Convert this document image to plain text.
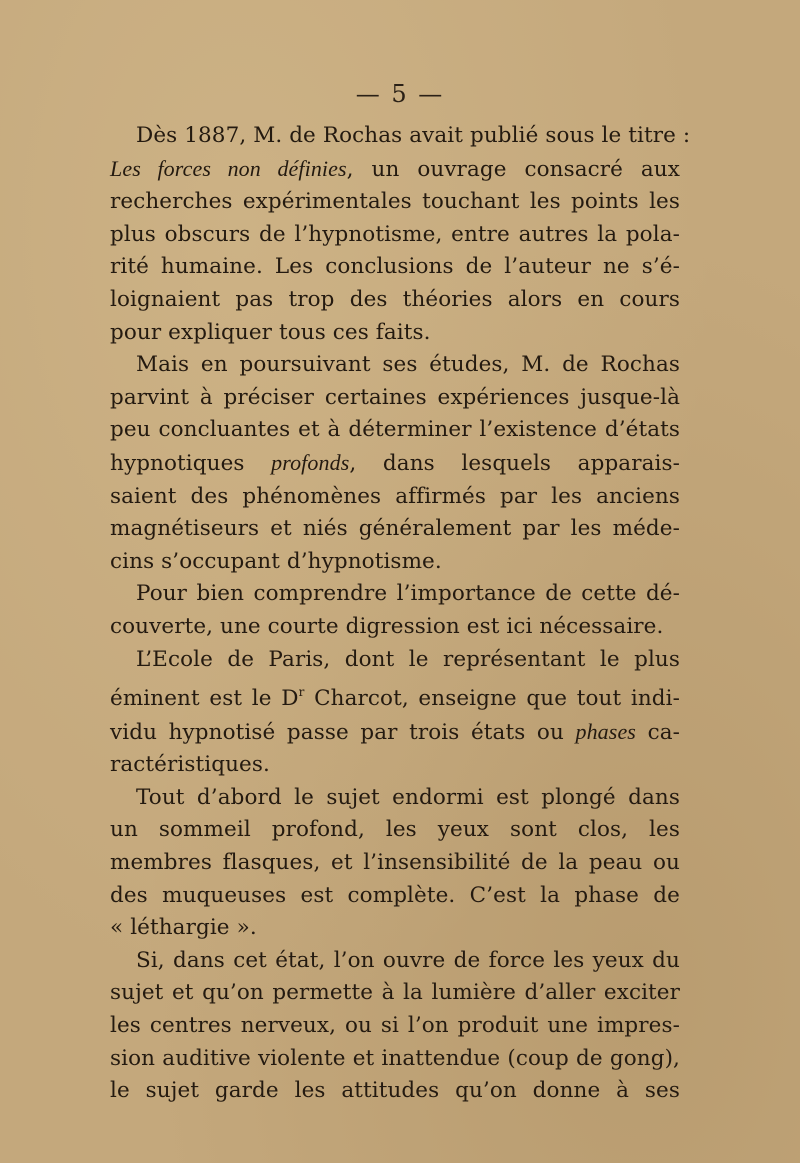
— 5 —
Dès 1887, M. de Rochas avait publié sous le titre :
Les forces non définies, un ouvrage consacré aux
recherches expérimentales touchant les points les
plus obscurs de l’hypnotisme, entre autres la pola-
rité humaine. Les conclusions de l’auteur ne s’é-
loignaient pas trop des théories alors en cours
pour expliquer tous ces faits.
Mais en poursuivant ses études, M. de Rochas
parvint à préciser certaines expériences jusque-là
peu concluantes et à déterminer l’existence d’états
hypnotiques profonds, dans lesquels apparais-
saient des phénomènes affirmés par les anciens
magnétiseurs et niés généralement par les méde-
cins s’occupant d’hypnotisme.
Pour bien comprendre l’importance de cette dé-
couverte, une courte digression est ici nécessaire.
L’Ecole de Paris, dont le représentant le plus
éminent est le $D^r$ Charcot, enseigne que tout indi-
vidu hypnotisé passe par trois états ou phases ca-
ractéristiques.
Tout d’abord le sujet endormi est plongé dans
un sommeil profond, les yeux sont clos, les
membres flasques, et l’insensibilité de la peau ou
des muqueuses est complète. C’est la phase de
« léthargie ».
Si, dans cet état, l’on ouvre de force les yeux du
sujet et qu’on permette à la lumière d’aller exciter
les centres nerveux, ou si l’on produit une impres-
sion auditive violente et inattendue (coup de gong),
le sujet garde les attitudes qu’on donne à ses
